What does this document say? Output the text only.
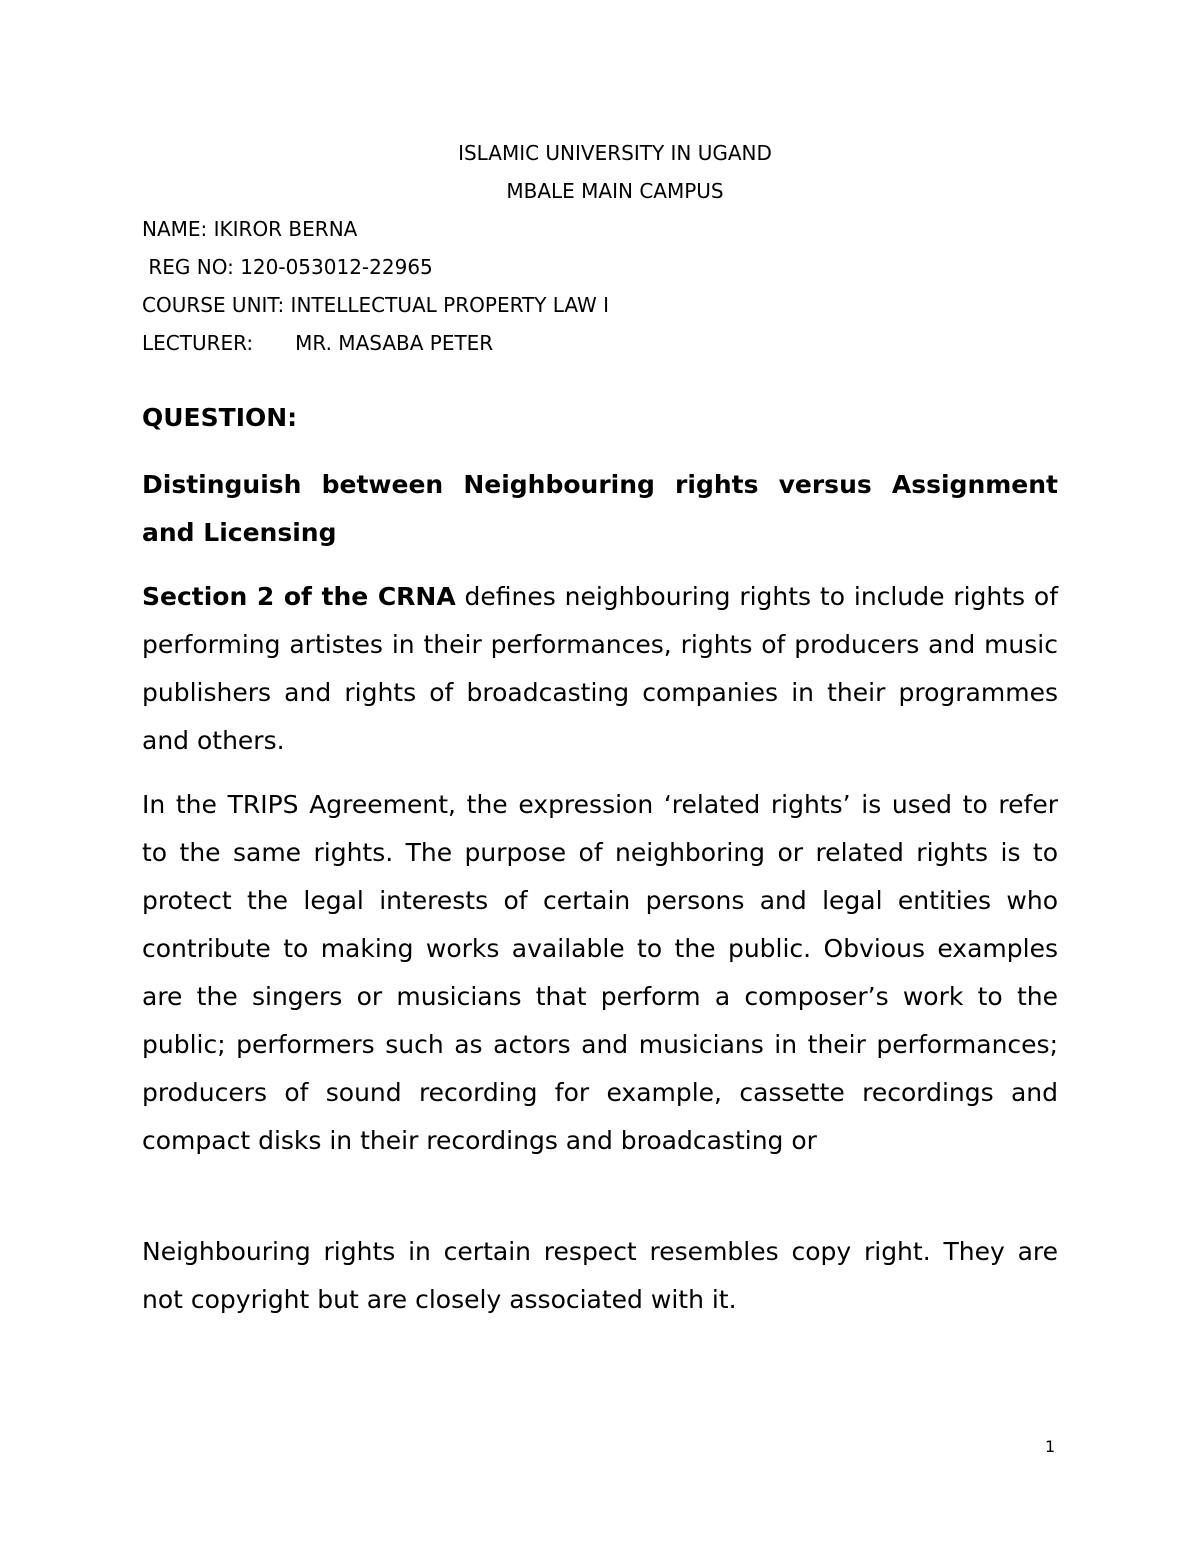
ISLAMIC UNIVERSITY IN UGAND
MBALE MAIN CAMPUS
NAME: IKIROR BERNA
REG NO: 120-053012-22965
COURSE UNIT: INTELLECTUAL PROPERTY LAW I
LECTURER: MR. MASABA PETER
QUESTION:
Distinguish between Neighbouring rights versus Assignment and Licensing
Section 2 of the CRNA defines neighbouring rights to include rights of performing artistes in their performances, rights of producers and music publishers and rights of broadcasting companies in their programmes and others.
In the TRIPS Agreement, the expression ‘related rights’ is used to refer to the same rights. The purpose of neighboring or related rights is to protect the legal interests of certain persons and legal entities who contribute to making works available to the public. Obvious examples are the singers or musicians that perform a composer’s work to the public; performers such as actors and musicians in their performances; producers of sound recording for example, cassette recordings and compact disks in their recordings and broadcasting or
Neighbouring rights in certain respect resembles copy right. They are not copyright but are closely associated with it.
1
